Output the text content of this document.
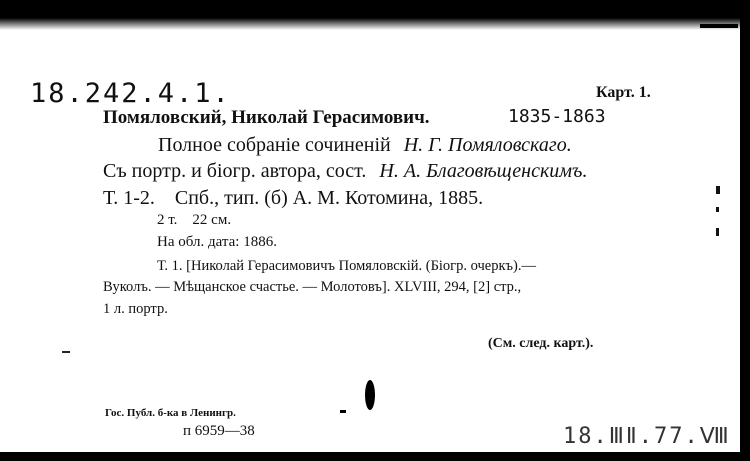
18.242.4.1.	Карт. 1.
Помяловский, Николай Герасимович.	1835-1863
Полное собраніе сочиненій Н. Г. Помяловскаго.
Съ портр. и біогр. автора, сост. Н. А. Благовѣщенскимъ.
Т. 1-2.    Спб., тип. (б) А. М. Котомина, 1885.
2 т.    22 см.
На обл. дата: 1886.
Т. 1. [Николай Герасимовичъ Помяловскій. (Біогр. очеркъ).—
Вуколъ. — Мѣщанское счастье. — Молотовъ]. XLVIII, 294, [2] стр.,
1 л. портр.
(См. след. карт.).
Гос. Публ. б-ка в Ленингр.
п 6959—38	18.ⅢⅡ.77.Ⅷ
